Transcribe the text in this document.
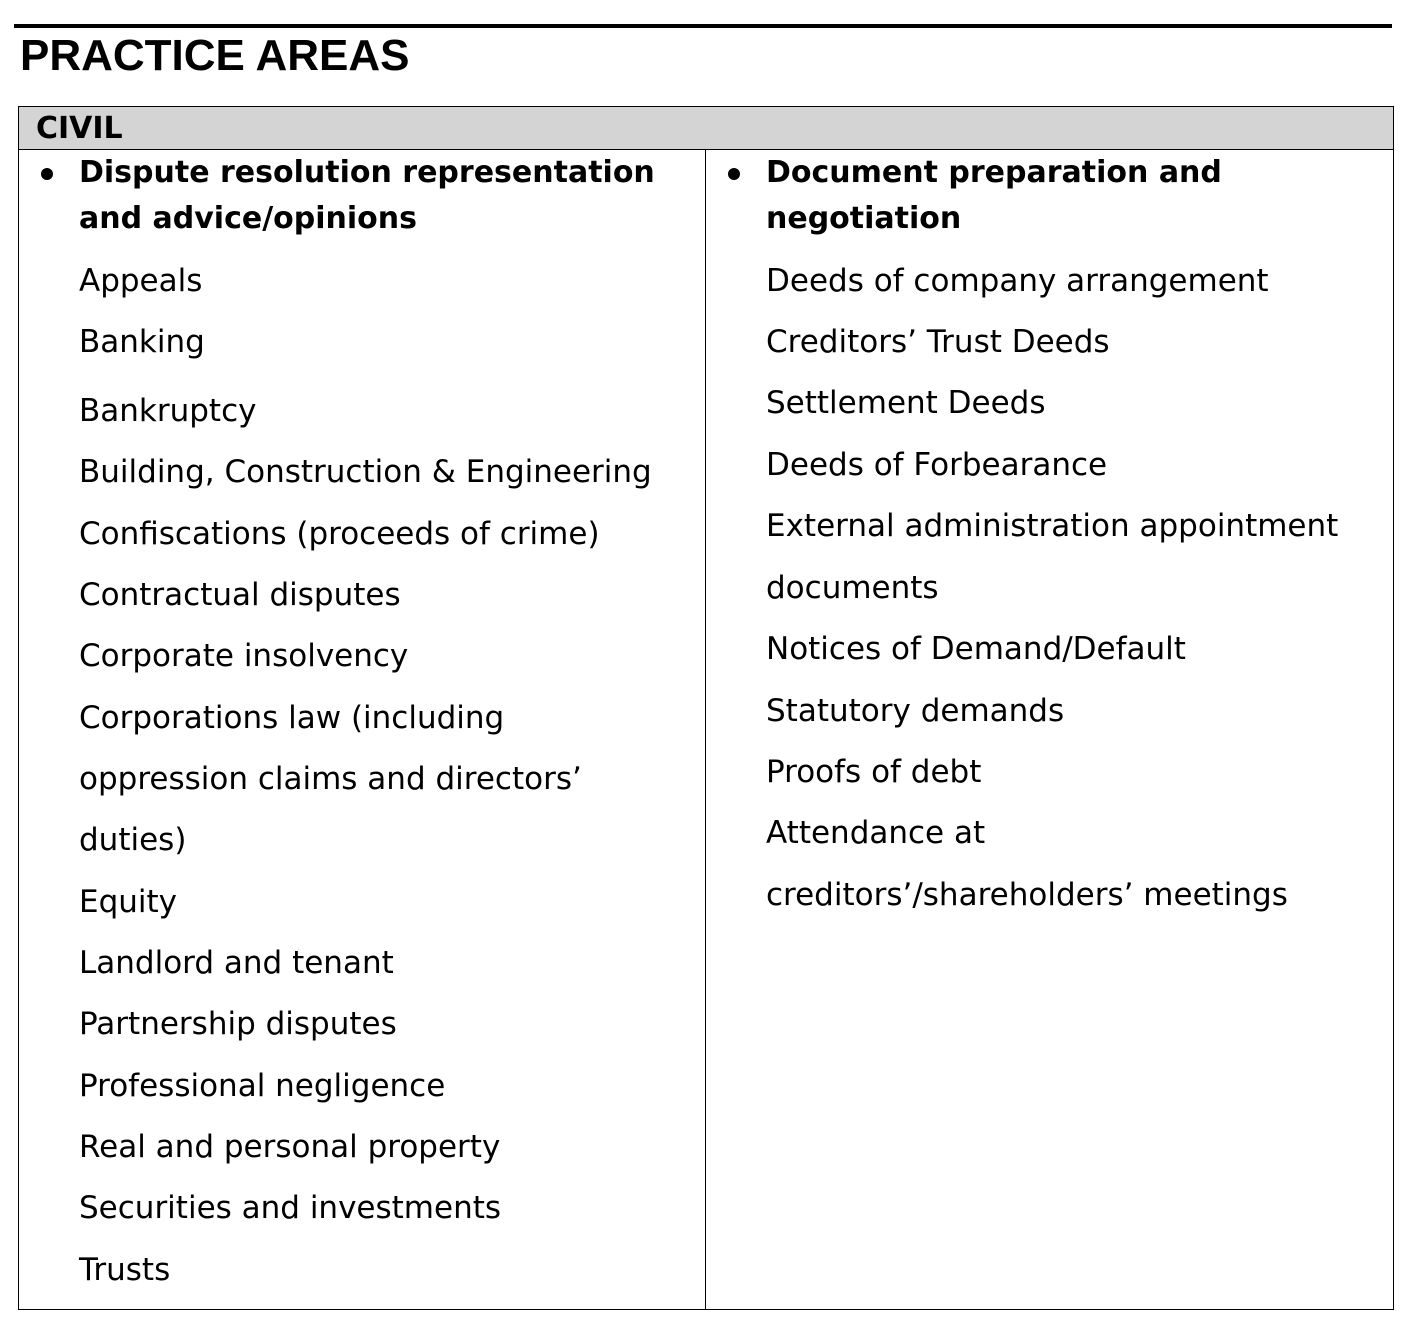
PRACTICE AREAS
CIVIL
Dispute resolution representation
and advice/opinions
Appeals
Banking
Bankruptcy
Building, Construction & Engineering
Confiscations (proceeds of crime)
Contractual disputes
Corporate insolvency
Corporations law (including
oppression claims and directors’
duties)
Equity
Landlord and tenant
Partnership disputes
Professional negligence
Real and personal property
Securities and investments
Trusts
Document preparation and
negotiation
Deeds of company arrangement
Creditors’ Trust Deeds
Settlement Deeds
Deeds of Forbearance
External administration appointment
documents
Notices of Demand/Default
Statutory demands
Proofs of debt
Attendance at
creditors’/shareholders’ meetings
